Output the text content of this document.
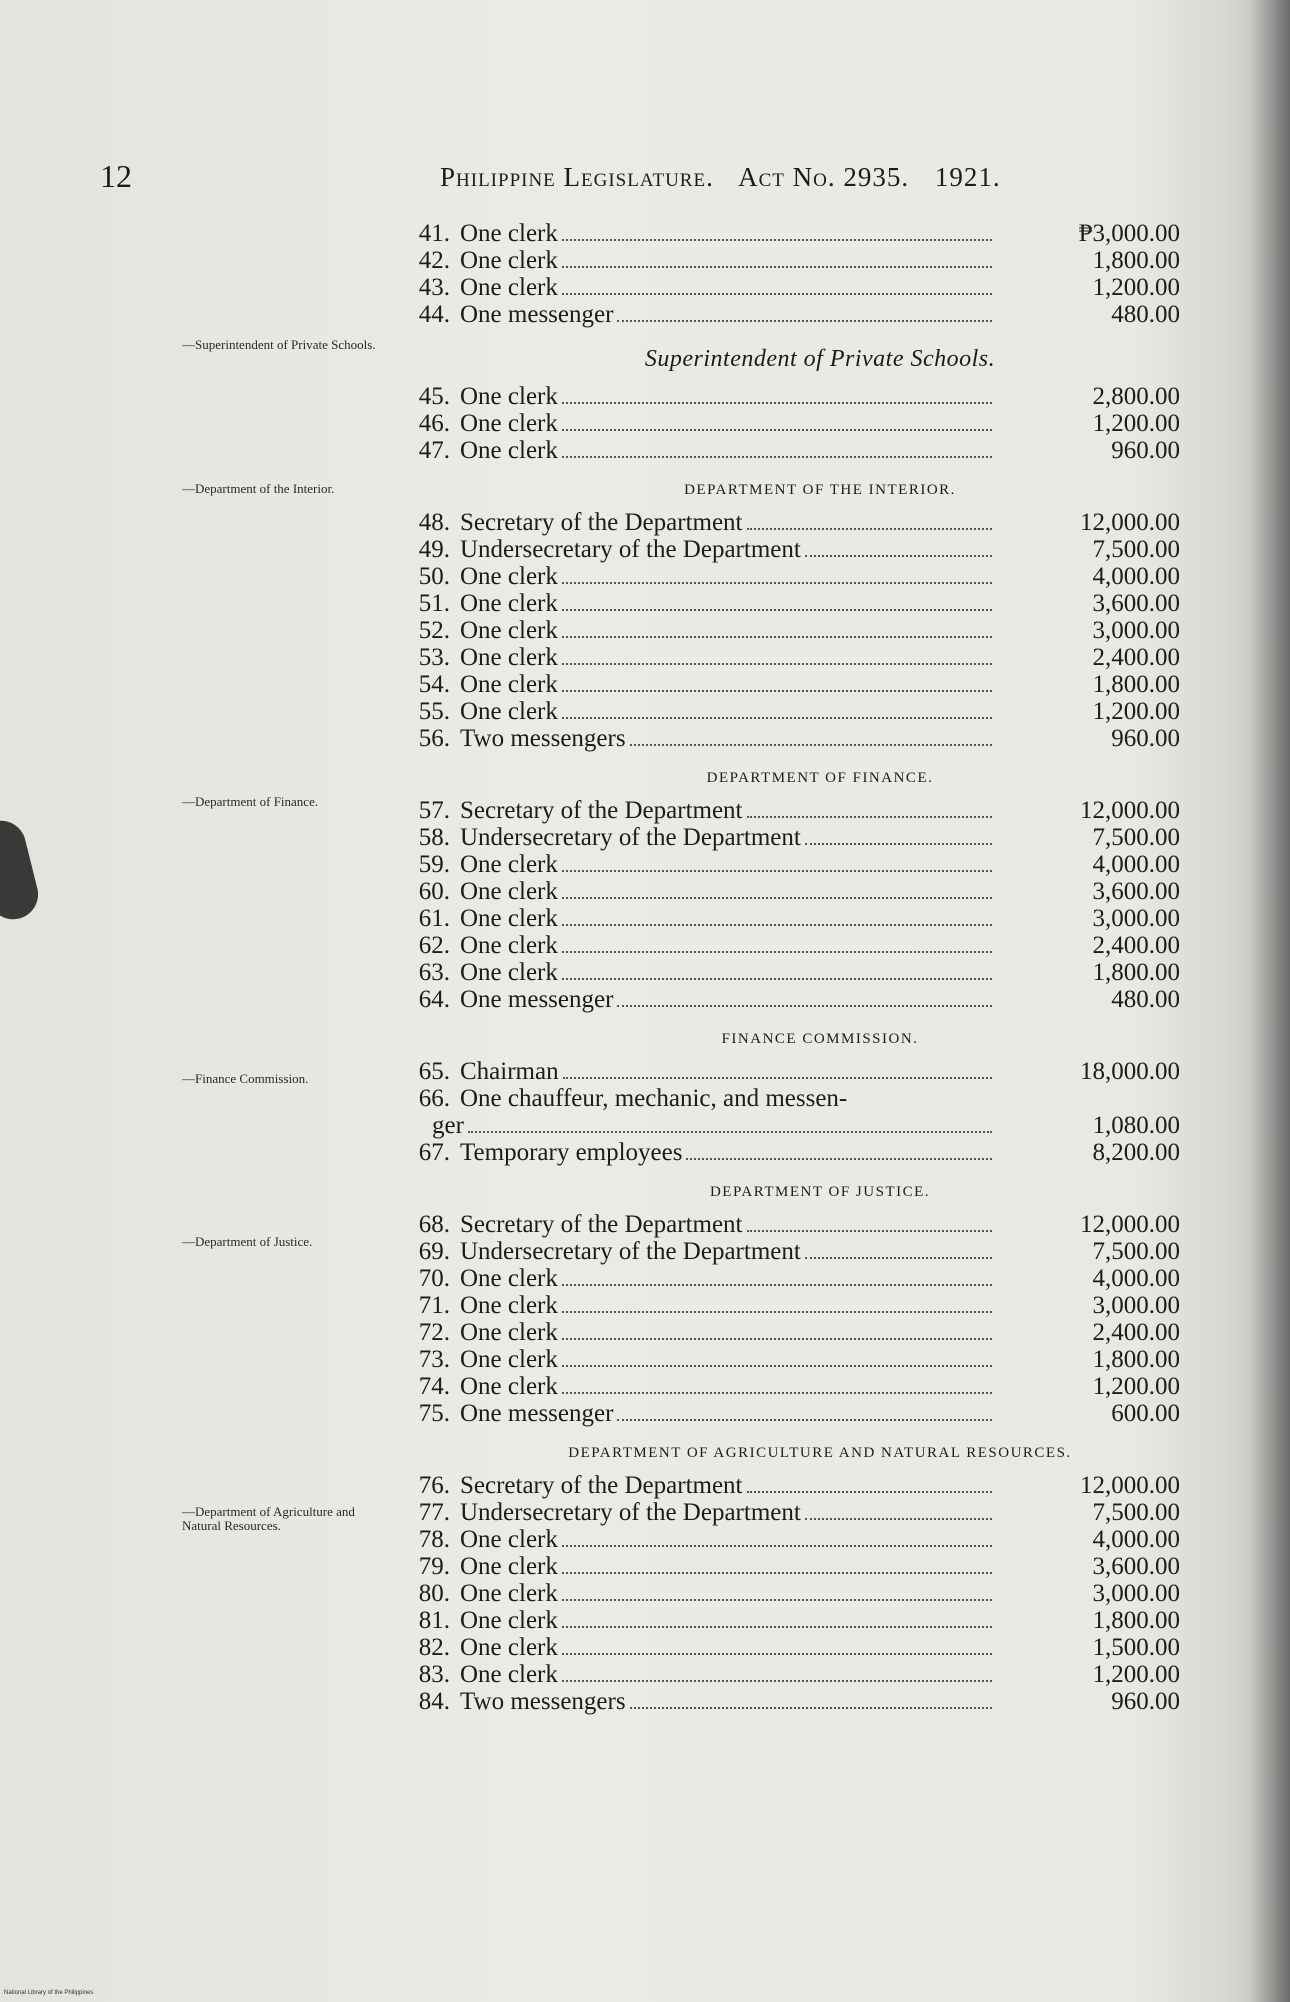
12	Philippine Legislature. Act No. 2935. 1921.
—Superintendent of Private Schools.
—Department of the Interior.
—Department of Finance.
—Finance Commission.
—Department of Justice.
—Department of Agriculture and Natural Resources.
41. One clerk	₱3,000.00
42. One clerk	1,800.00
43. One clerk	1,200.00
44. One messenger	480.00
Superintendent of Private Schools.
45. One clerk	2,800.00
46. One clerk	1,200.00
47. One clerk	960.00
DEPARTMENT OF THE INTERIOR.
48. Secretary of the Department	12,000.00
49. Undersecretary of the Department	7,500.00
50. One clerk	4,000.00
51. One clerk	3,600.00
52. One clerk	3,000.00
53. One clerk	2,400.00
54. One clerk	1,800.00
55. One clerk	1,200.00
56. Two messengers	960.00
DEPARTMENT OF FINANCE.
57. Secretary of the Department	12,000.00
58. Undersecretary of the Department	7,500.00
59. One clerk	4,000.00
60. One clerk	3,600.00
61. One clerk	3,000.00
62. One clerk	2,400.00
63. One clerk	1,800.00
64. One messenger	480.00
FINANCE COMMISSION.
65. Chairman	18,000.00
66. One chauffeur, mechanic, and messen-
ger	1,080.00
67. Temporary employees	8,200.00
DEPARTMENT OF JUSTICE.
68. Secretary of the Department	12,000.00
69. Undersecretary of the Department	7,500.00
70. One clerk	4,000.00
71. One clerk	3,000.00
72. One clerk	2,400.00
73. One clerk	1,800.00
74. One clerk	1,200.00
75. One messenger	600.00
DEPARTMENT OF AGRICULTURE AND NATURAL RESOURCES.
76. Secretary of the Department	12,000.00
77. Undersecretary of the Department	7,500.00
78. One clerk	4,000.00
79. One clerk	3,600.00
80. One clerk	3,000.00
81. One clerk	1,800.00
82. One clerk	1,500.00
83. One clerk	1,200.00
84. Two messengers	960.00
National Library of the Philippines
